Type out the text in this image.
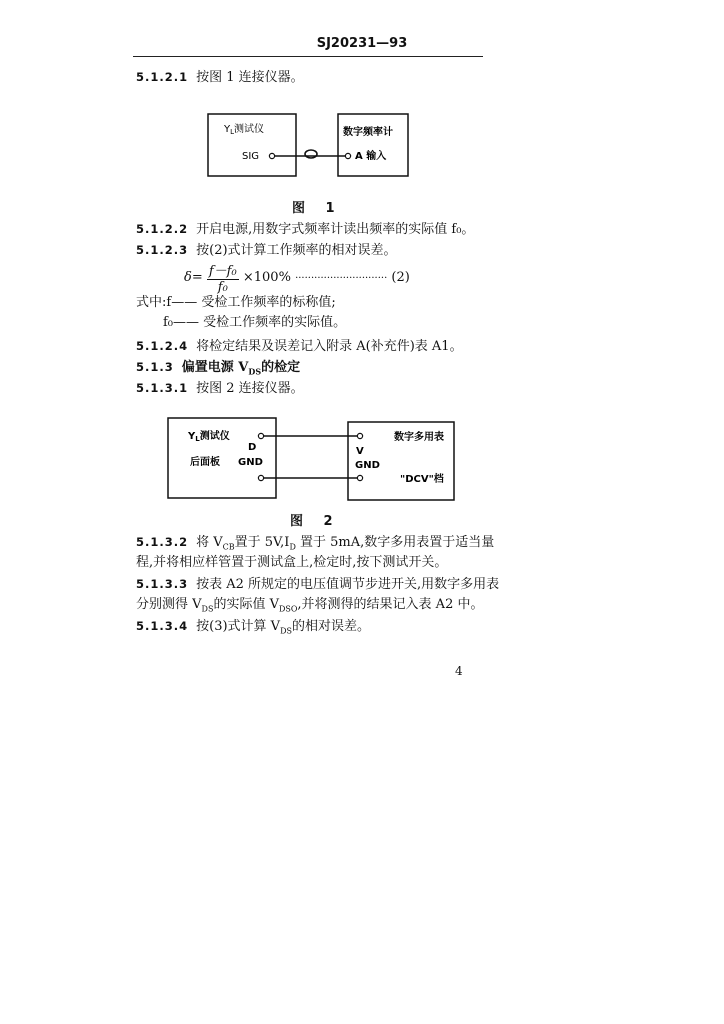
SJ20231—93
5.1.2.1 按图 1 连接仪器。
$Y_L$测试仪
SIG
数字频率计
A 输入
图 1
5.1.2.2 开启电源,用数字式频率计读出频率的实际值 f₀。
5.1.2.3 按(2)式计算工作频率的相对误差。
$\delta= \frac{\text{f－f₀}}{\text{f₀}} \times 100\%$ ····························· (2)
式中:f—— 受检工作频率的标称值;
f₀—— 受检工作频率的实际值。
5.1.2.4 将检定结果及误差记入附录 A(补充件)表 A1。
5.1.3 偏置电源 $V_{DS}$的检定
5.1.3.1 按图 2 连接仪器。
$Y_L$测试仪
D
GND
后面板
数字多用表
V
GND
"DCV"档
图 2
5.1.3.2 将 $V_{CB}$置于 $5V,I_D$ 置于 5mA,数字多用表置于适当量
程,并将相应样管置于测试盒上,检定时,按下测试开关。
5.1.3.3 按表 A2 所规定的电压值调节步进开关,用数字多用表
分别测得 $V_{DS}$的实际值 $V_{DSO}$,并将测得的结果记入表 A2 中。
5.1.3.4 按(3)式计算 $V_{DS}$的相对误差。
4
